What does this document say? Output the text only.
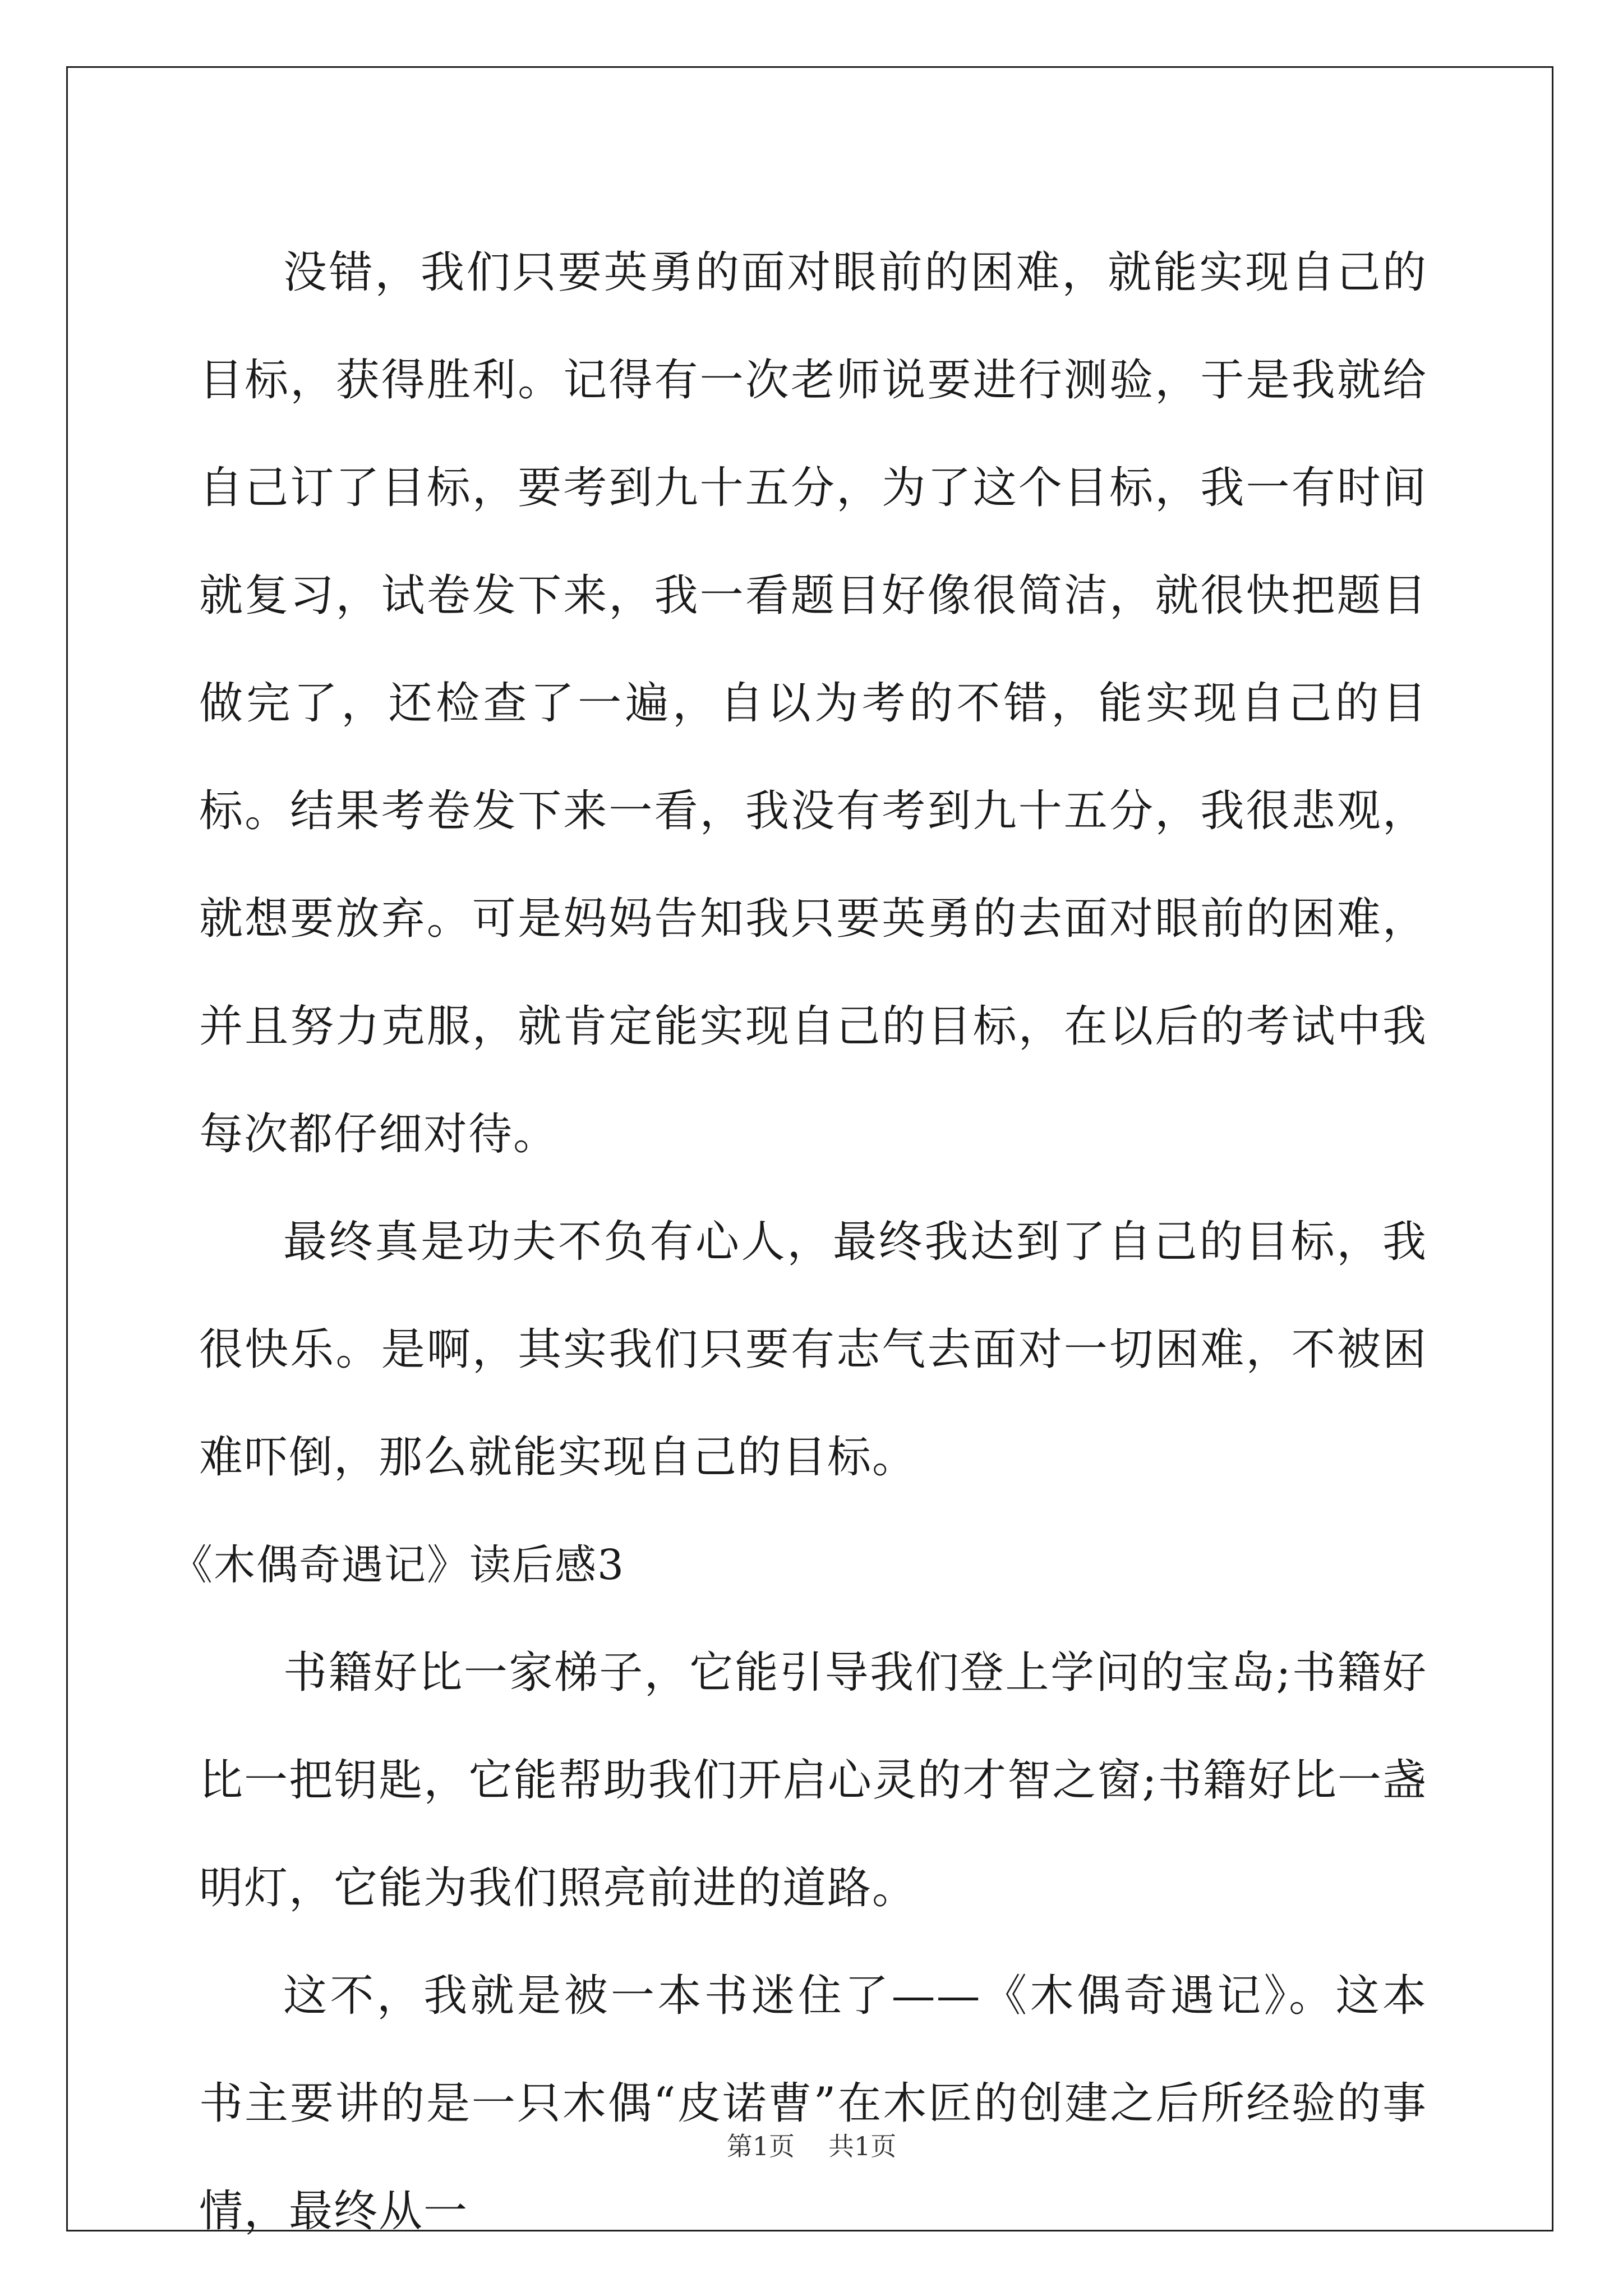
没错，我们只要英勇的面对眼前的困难，就能实现自己的目标，获得胜利。记得有一次老师说要进行测验，于是我就给自己订了目标，要考到九十五分，为了这个目标，我一有时间就复习，试卷发下来，我一看题目好像很简洁，就很快把题目做完了，还检查了一遍，自以为考的不错，能实现自己的目标。结果考卷发下来一看，我没有考到九十五分，我很悲观，就想要放弃。可是妈妈告知我只要英勇的去面对眼前的困难，并且努力克服，就肯定能实现自己的目标，在以后的考试中我每次都仔细对待。

最终真是功夫不负有心人，最终我达到了自己的目标，我很快乐。是啊，其实我们只要有志气去面对一切困难，不被困难吓倒，那么就能实现自己的目标。

《木偶奇遇记》读后感3

书籍好比一家梯子，它能引导我们登上学问的宝岛;书籍好比一把钥匙，它能帮助我们开启心灵的才智之窗;书籍好比一盏明灯，它能为我们照亮前进的道路。

这不，我就是被一本书迷住了——《木偶奇遇记》。这本书主要讲的是一只木偶“皮诺曹”在木匠的创建之后所经验的事情，最终从一

第1页 共1页
